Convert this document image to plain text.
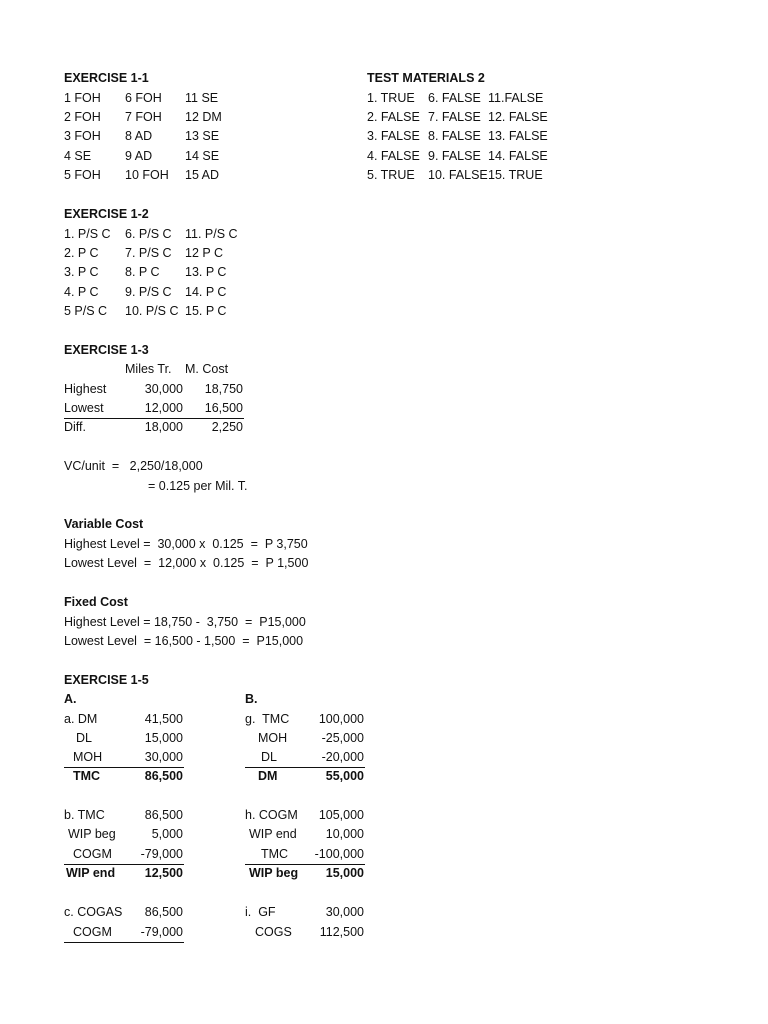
EXERCISE 1-1
1 FOH 6 FOH 11 SE
2 FOH 7 FOH 12 DM
3 FOH 8 AD	13 SE
4 SE	9 AD	14 SE
5 FOH 10 FOH 15 AD
TEST MATERIALS 2
1. TRUE 6. FALSE 11.FALSE
2. FALSE 7. FALSE 12. FALSE
3. FALSE 8. FALSE 13. FALSE
4. FALSE 9. FALSE 14. FALSE
5. TRUE 10. FALSE 15. TRUE
EXERCISE 1-2
1. P/S C 6. P/S C 11. P/S C
2. P C 7. P/S C 12 P C
3. P C 8. P C 13. P C
4. P C 9. P/S C 14. P C
5 P/S C 10. P/S C 15. P C
EXERCISE 1-3
Miles Tr. M. Cost
Highest	30,000	18,750
Lowest	12,000	16,500
Diff.	18,000	2,250
VC/unit  =   2,250/18,000
= 0.125 per Mil. T.
Variable Cost
Highest Level =  30,000 x  0.125  =  P 3,750
Lowest Level  =  12,000 x  0.125  =  P 1,500
Fixed Cost
Highest Level = 18,750 -  3,750  =  P15,000
Lowest Level  = 16,500 - 1,500  =  P15,000
EXERCISE 1-5
A.	B.
a. DM	41,500
DL	15,000
MOH	30,000
TMC	86,500
b. TMC	86,500
WIP beg	5,000
COGM	-79,000
WIP end	12,500
c. COGAS	86,500
COGM	-79,000
g.  TMC	100,000
MOH	-25,000
DL	-20,000
DM	55,000
h. COGM	105,000
WIP end	10,000
TMC	-100,000
WIP beg	15,000
i.  GF	30,000
COGS	112,500
